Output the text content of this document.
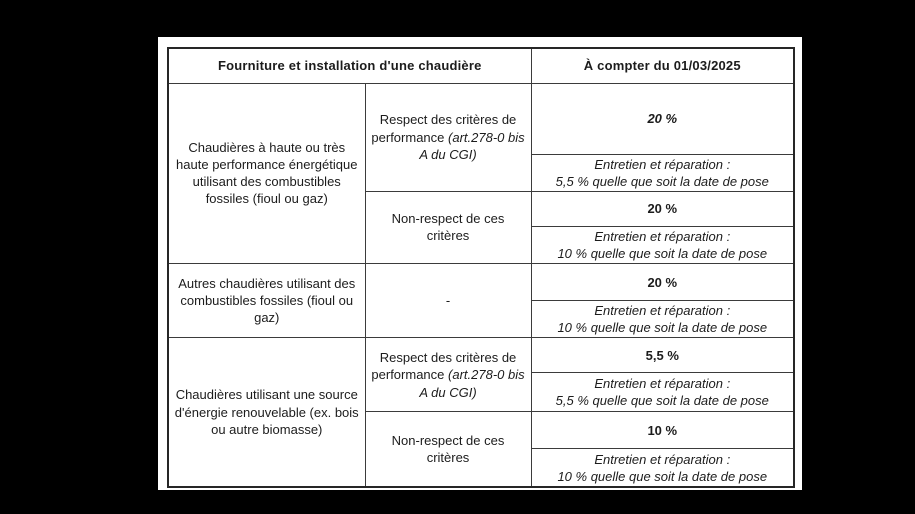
Fourniture et installation d'une chaudière		À compter du 01/03/2025
Chaudières à haute ou très haute performance énergétique utilisant des combustibles fossiles (fioul ou gaz)	Respect des critères de performance (art.278-0 bis A du CGI)	20 %

		Entretien et réparation :
5,5 % quelle que soit la date de pose

	Non-respect de ces critères	20 %

		Entretien et réparation :
10 % quelle que soit la date de pose

Autres chaudières utilisant des combustibles fossiles (fioul ou gaz)	-	20 %

		Entretien et réparation :
10 % quelle que soit la date de pose

Chaudières utilisant une source d'énergie renouvelable (ex. bois ou autre biomasse)	Respect des critères de performance (art.278-0 bis A du CGI)	5,5 %

		Entretien et réparation :
5,5 % quelle que soit la date de pose

	Non-respect de ces critères	10 %

		Entretien et réparation :
10 % quelle que soit la date de pose
